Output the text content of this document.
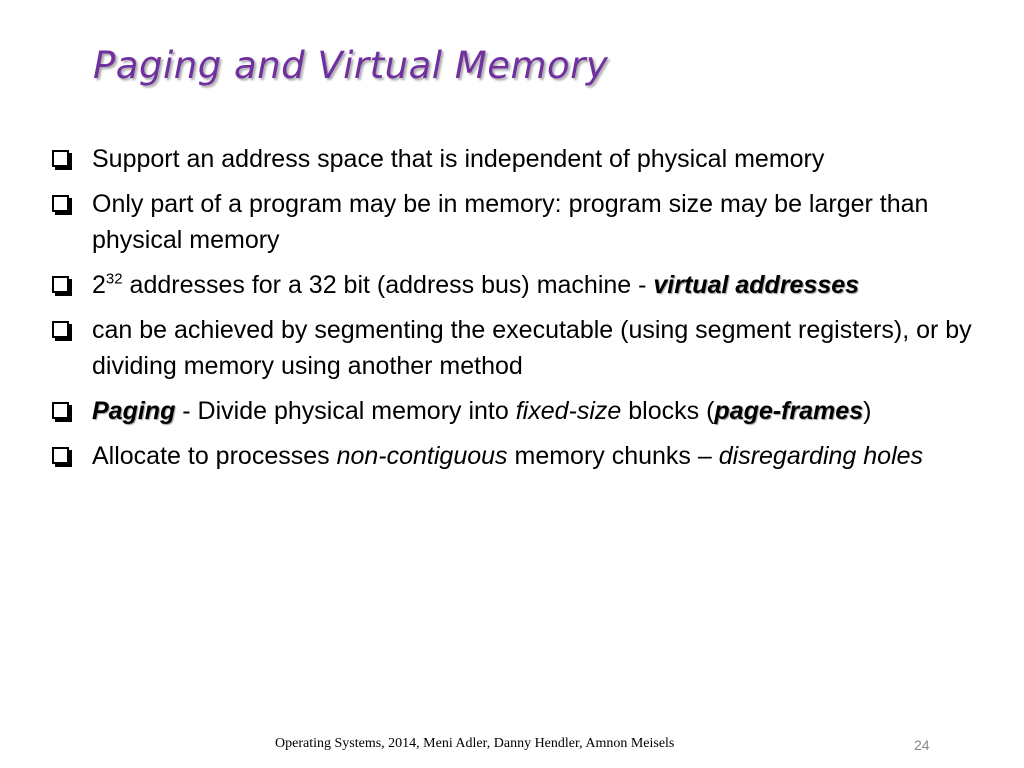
Paging and Virtual Memory
Support an address space that is independent of physical memory
Only part of a program may be in memory: program size may be larger than physical memory
$2^{32}$ addresses for a 32 bit (address bus) machine - virtual addresses
can be achieved by segmenting the executable (using segment registers), or by dividing memory using another method
Paging - Divide physical memory into fixed-size blocks (page-frames)
Allocate to processes non-contiguous memory chunks – disregarding holes
Operating Systems, 2014, Meni Adler, Danny Hendler, Amnon Meisels	24
